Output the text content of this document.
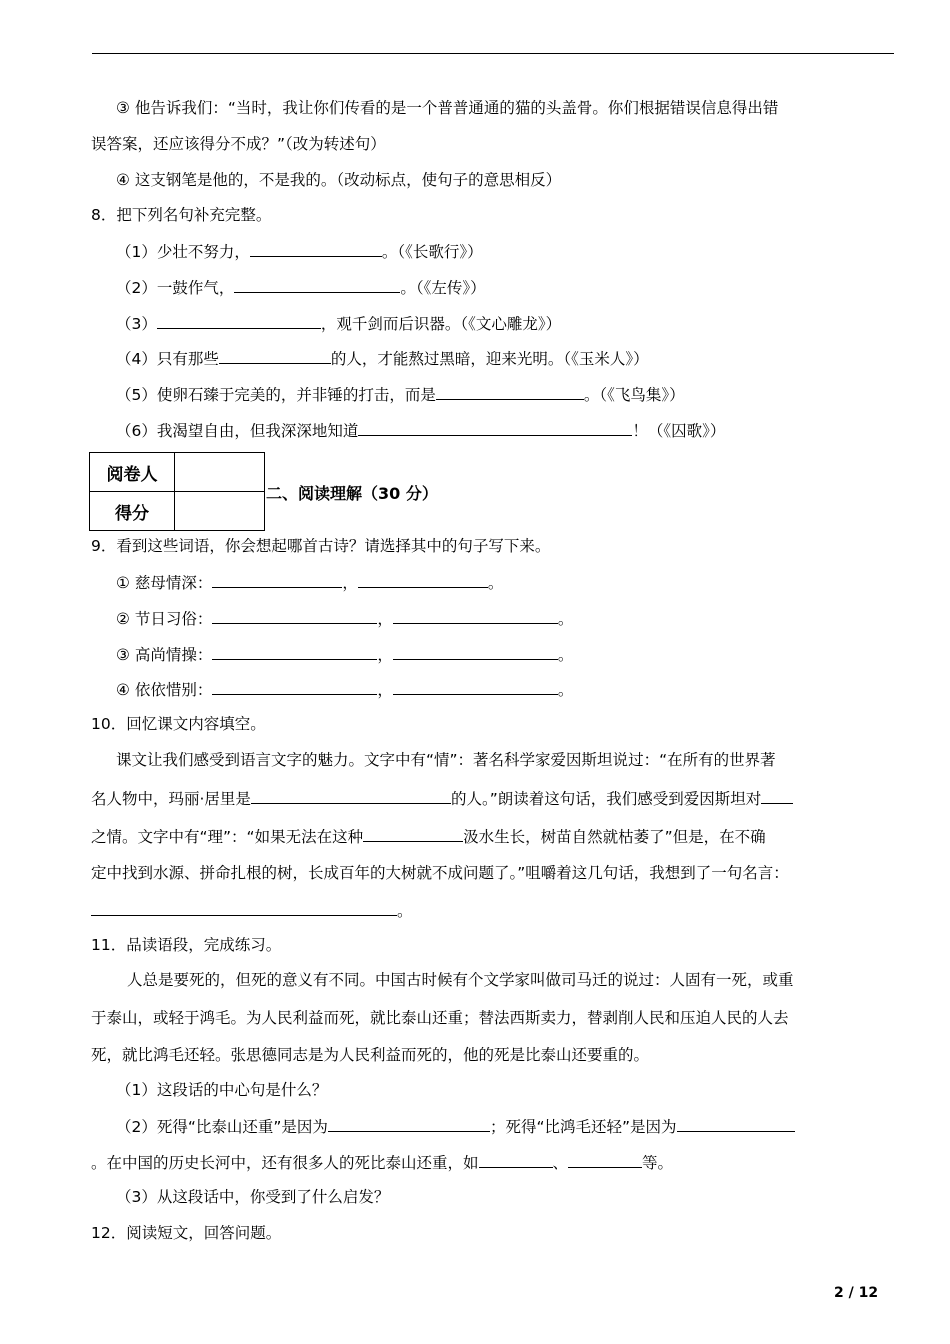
③ 他告诉我们：“当时，我让你们传看的是一个普普通通的猫的头盖骨。你们根据错误信息得出错
误答案，还应该得分不成？”（改为转述句）
④ 这支钢笔是他的，不是我的。（改动标点，使句子的意思相反）
8．把下列名句补充完整。
（1）少壮不努力，	。（《长歌行》）
（2）一鼓作气，	。（《左传》）
（3）	，观千剑而后识器。（《文心雕龙》）
（4）只有那些	的人，才能熬过黑暗，迎来光明。（《玉米人》）
（5）使卵石臻于完美的，并非锤的打击，而是	。（《飞鸟集》）
（6）我渴望自由，但我深深地知道	！（《囚歌》）
阅卷人	
得分	
二、阅读理解（30 分）
9．看到这些词语，你会想起哪首古诗？请选择其中的句子写下来。
① 慈母情深：	，	。
② 节日习俗：	，	。
③ 高尚情操：	，	。
④ 依依惜别：	，	。
10．回忆课文内容填空。
课文让我们感受到语言文字的魅力。文字中有“情”：著名科学家爱因斯坦说过：“在所有的世界著
名人物中，玛丽·居里是	的人。”朗读着这句话，我们感受到爱因斯坦对
之情。文字中有“理”：“如果无法在这种	汲水生长，树苗自然就枯萎了”但是，在不确
定中找到水源、拼命扎根的树，长成百年的大树就不成问题了。”咀嚼着这几句话，我想到了一句名言：
。
11．品读语段，完成练习。
人总是要死的，但死的意义有不同。中国古时候有个文学家叫做司马迁的说过：人固有一死，或重
于泰山，或轻于鸿毛。为人民利益而死，就比泰山还重；替法西斯卖力，替剥削人民和压迫人民的人去
死，就比鸿毛还轻。张思德同志是为人民利益而死的，他的死是比泰山还要重的。
（1）这段话的中心句是什么？
（2）死得“比泰山还重”是因为	；死得“比鸿毛还轻”是因为
。在中国的历史长河中，还有很多人的死比泰山还重，如	、	等。
（3）从这段话中，你受到了什么启发？
12．阅读短文，回答问题。
2 / 12
